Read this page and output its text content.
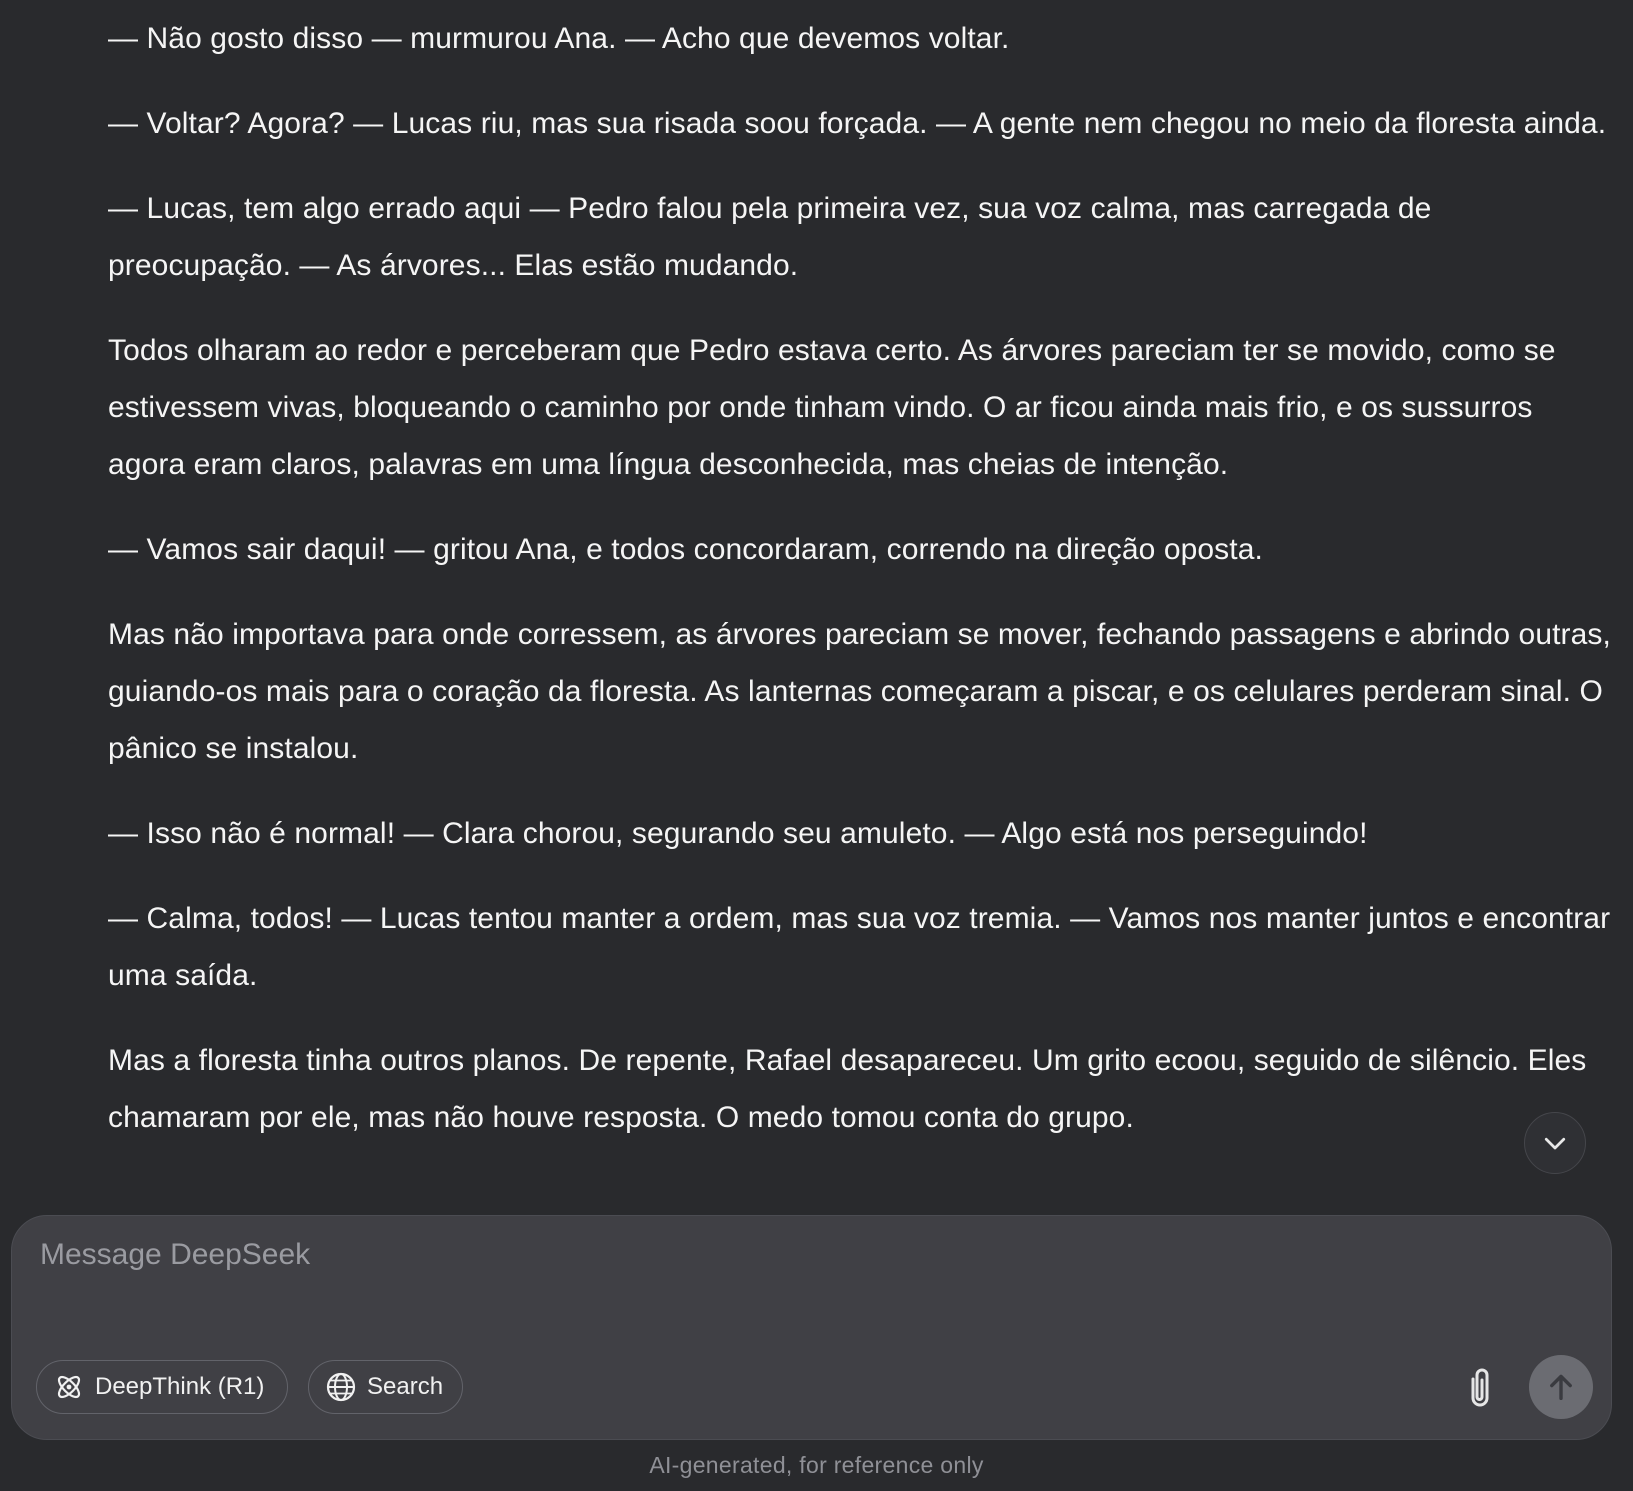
— Não gosto disso — murmurou Ana. — Acho que devemos voltar.

— Voltar? Agora? — Lucas riu, mas sua risada soou forçada. — A gente nem chegou no meio da floresta ainda.

— Lucas, tem algo errado aqui — Pedro falou pela primeira vez, sua voz calma, mas carregada de preocupação. — As árvores... Elas estão mudando.

Todos olharam ao redor e perceberam que Pedro estava certo. As árvores pareciam ter se movido, como se estivessem vivas, bloqueando o caminho por onde tinham vindo. O ar ficou ainda mais frio, e os sussurros agora eram claros, palavras em uma língua desconhecida, mas cheias de intenção.

— Vamos sair daqui! — gritou Ana, e todos concordaram, correndo na direção oposta.

Mas não importava para onde corressem, as árvores pareciam se mover, fechando passagens e abrindo outras, guiando-os mais para o coração da floresta. As lanternas começaram a piscar, e os celulares perderam sinal. O pânico se instalou.

— Isso não é normal! — Clara chorou, segurando seu amuleto. — Algo está nos perseguindo!

— Calma, todos! — Lucas tentou manter a ordem, mas sua voz tremia. — Vamos nos manter juntos e encontrar uma saída.

Mas a floresta tinha outros planos. De repente, Rafael desapareceu. Um grito ecoou, seguido de silêncio. Eles chamaram por ele, mas não houve resposta. O medo tomou conta do grupo.

Message DeepSeek
DeepThink (R1)	Search
AI-generated, for reference only
